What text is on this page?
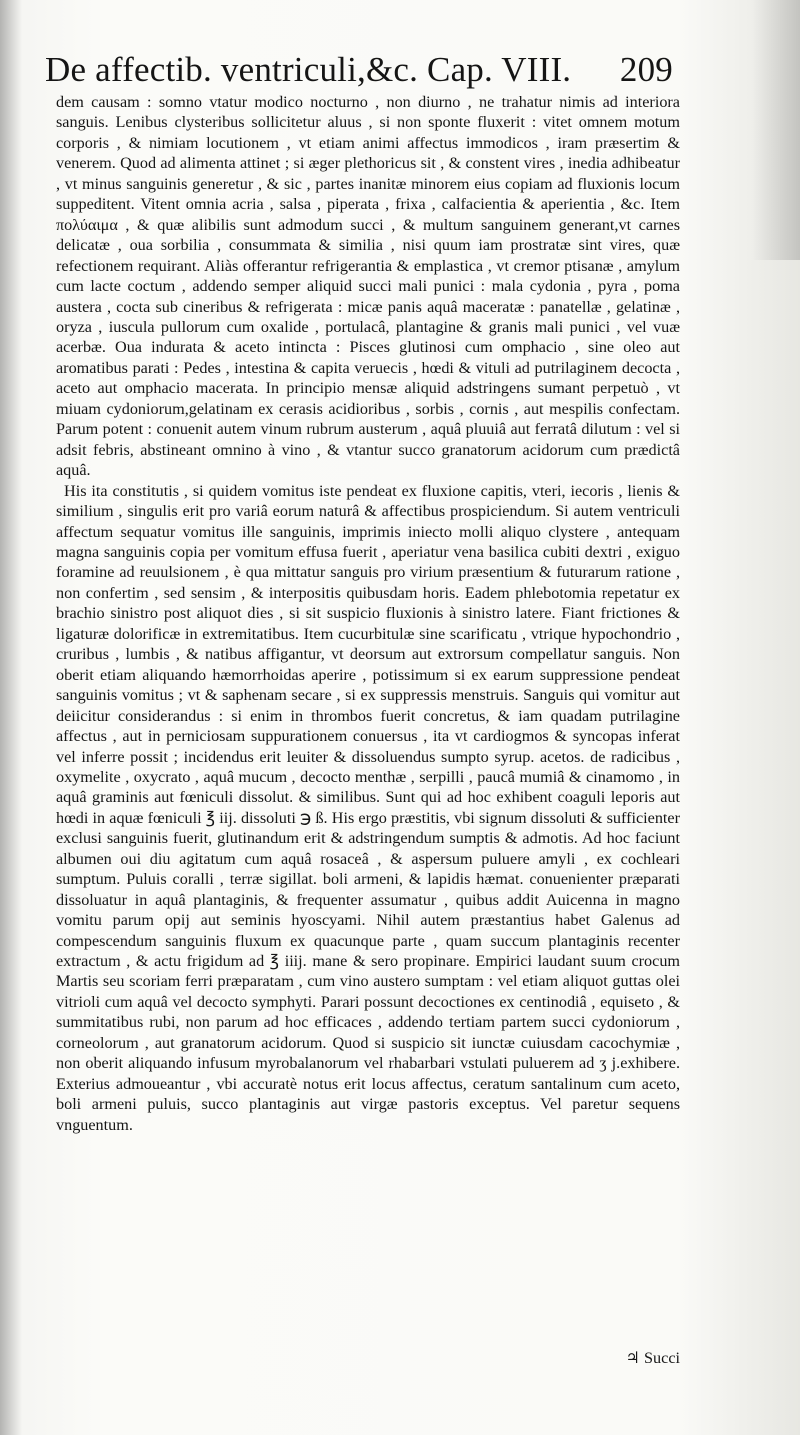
De affectib. ventriculi,&c. Cap. VIII. 209

dem causam : somno vtatur modico nocturno , non diurno , ne trahatur nimis ad interiora sanguis. Lenibus clysteribus sollicitetur aluus , si non sponte fluxerit : vitet omnem motum corporis , & nimiam locutionem , vt etiam animi affectus immodicos , iram præsertim & venerem. Quod ad alimenta attinet ; si æger plethoricus sit , & constent vires , inedia adhibeatur , vt minus sanguinis generetur , & sic , partes inanitæ minorem eius copiam ad fluxionis locum suppeditent. Vitent omnia acria , salsa , piperata , frixa , calfacientia & aperientia , &c. Item πολύαιμα , & quæ alibilis sunt admodum succi , & multum sanguinem generant,vt carnes delicatæ , oua sorbilia , consummata & similia , nisi quum iam prostratæ sint vires, quæ refectionem requirant. Aliàs offerantur refrigerantia & emplastica , vt cremor ptisanæ , amylum cum lacte coctum , addendo semper aliquid succi mali punici : mala cydonia , pyra , poma austera , cocta sub cineribus & refrigerata : micæ panis aquâ maceratæ : panatellæ , gelatinæ , oryza , iuscula pullorum cum oxalide , portulacâ, plantagine & granis mali punici , vel vuæ acerbæ. Oua indurata & aceto intincta : Pisces glutinosi cum omphacio , sine oleo aut aromatibus parati : Pedes , intestina & capita veruecis , hœdi & vituli ad putrilaginem decocta , aceto aut omphacio macerata. In principio mensæ aliquid adstringens sumant perpetuò , vt miuam cydoniorum,gelatinam ex cerasis acidioribus , sorbis , cornis , aut mespilis confectam. Parum potent : conuenit autem vinum rubrum austerum , aquâ pluuiâ aut ferratâ dilutum : vel si adsit febris, abstineant omnino à vino , & vtantur succo granatorum acidorum cum prædictâ aquâ.

His ita constitutis , si quidem vomitus iste pendeat ex fluxione capitis, vteri, iecoris , lienis & similium , singulis erit pro variâ eorum naturâ & affectibus prospiciendum. Si autem ventriculi affectum sequatur vomitus ille sanguinis, imprimis iniecto molli aliquo clystere , antequam magna sanguinis copia per vomitum effusa fuerit , aperiatur vena basilica cubiti dextri , exiguo foramine ad reuulsionem , è qua mittatur sanguis pro virium præsentium & futurarum ratione , non confertim , sed sensim , & interpositis quibusdam horis. Eadem phlebotomia repetatur ex brachio sinistro post aliquot dies , si sit suspicio fluxionis à sinistro latere. Fiant frictiones & ligaturæ dolorificæ in extremitatibus. Item cucurbitulæ sine scarificatu , vtrique hypochondrio , cruribus , lumbis , & natibus affigantur, vt deorsum aut extrorsum compellatur sanguis. Non oberit etiam aliquando hæmorrhoidas aperire , potissimum si ex earum suppressione pendeat sanguinis vomitus ; vt & saphenam secare , si ex suppressis menstruis. Sanguis qui vomitur aut deiicitur considerandus : si enim in thrombos fuerit concretus, & iam quadam putrilagine affectus , aut in perniciosam suppurationem conuersus , ita vt cardiogmos & syncopas inferat vel inferre possit ; incidendus erit leuiter & dissoluendus sumpto syrup. acetos. de radicibus , oxymelite , oxycrato , aquâ mucum , decocto menthæ , serpilli , paucâ mumiâ & cinamomo , in aquâ graminis aut fœniculi dissolut. & similibus. Sunt qui ad hoc exhibent coaguli leporis aut hœdi in aquæ fœniculi ℥ iij. dissoluti ℈ ß. His ergo præstitis, vbi signum dissoluti & sufficienter exclusi sanguinis fuerit, glutinandum erit & adstringendum sumptis & admotis. Ad hoc faciunt albumen oui diu agitatum cum aquâ rosaceâ , & aspersum puluere amyli , ex cochleari sumptum. Puluis coralli , terræ sigillat. boli armeni, & lapidis hæmat. conuenienter præparati dissoluatur in aquâ plantaginis, & frequenter assumatur , quibus addit Auicenna in magno vomitu parum opij aut seminis hyoscyami. Nihil autem præstantius habet Galenus ad compescendum sanguinis fluxum ex quacunque parte , quam succum plantaginis recenter extractum , & actu frigidum ad ℥ iiij. mane & sero propinare. Empirici laudant suum crocum Martis seu scoriam ferri præparatam , cum vino austero sumptam : vel etiam aliquot guttas olei vitrioli cum aquâ vel decocto symphyti. Parari possunt decoctiones ex centinodiâ , equiseto , & summitatibus rubi, non parum ad hoc efficaces , addendo tertiam partem succi cydoniorum , corneolorum , aut granatorum acidorum. Quod si suspicio sit iunctæ cuiusdam cacochymiæ , non oberit aliquando infusum myrobalanorum vel rhabarbari vstulati puluerem ad ʒ j.exhibere. Exterius admoueantur , vbi accuratè notus erit locus affectus, ceratum santalinum cum aceto, boli armeni puluis, succo plantaginis aut virgæ pastoris exceptus. Vel paretur sequens vnguentum.

♃ Succi
